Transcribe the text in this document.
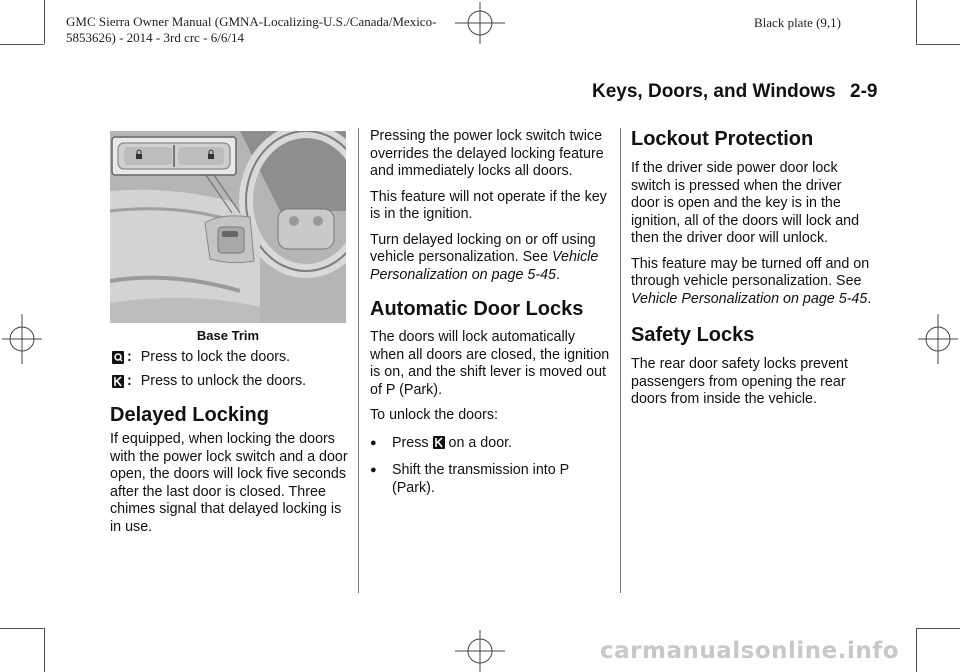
GMC Sierra Owner Manual (GMNA-Localizing-U.S./Canada/Mexico-
5853626) - 2014 - 3rd crc - 6/6/14
Black plate (9,1)
Keys, Doors, and Windows 2-9
Base Trim
: Press to lock the doors.
: Press to unlock the doors.
Delayed Locking

If equipped, when locking the doors with the power lock switch and a door open, the doors will lock five seconds after the last door is closed. Three chimes signal that delayed locking is in use.

Pressing the power lock switch twice overrides the delayed locking feature and immediately locks all doors.

This feature will not operate if the key is in the ignition.

Turn delayed locking on or off using vehicle personalization. See Vehicle Personalization on page 5-45.

Automatic Door Locks

The doors will lock automatically when all doors are closed, the ignition is on, and the shift lever is moved out of P (Park).

To unlock the doors:

●	Press  on a door.
●	Shift the transmission into P (Park).
Lockout Protection

If the driver side power door lock switch is pressed when the driver door is open and the key is in the ignition, all of the doors will lock and then the driver door will unlock.

This feature may be turned off and on through vehicle personalization. See Vehicle Personalization on page 5-45.

Safety Locks

The rear door safety locks prevent passengers from opening the rear doors from inside the vehicle.

carmanualsonline.info
